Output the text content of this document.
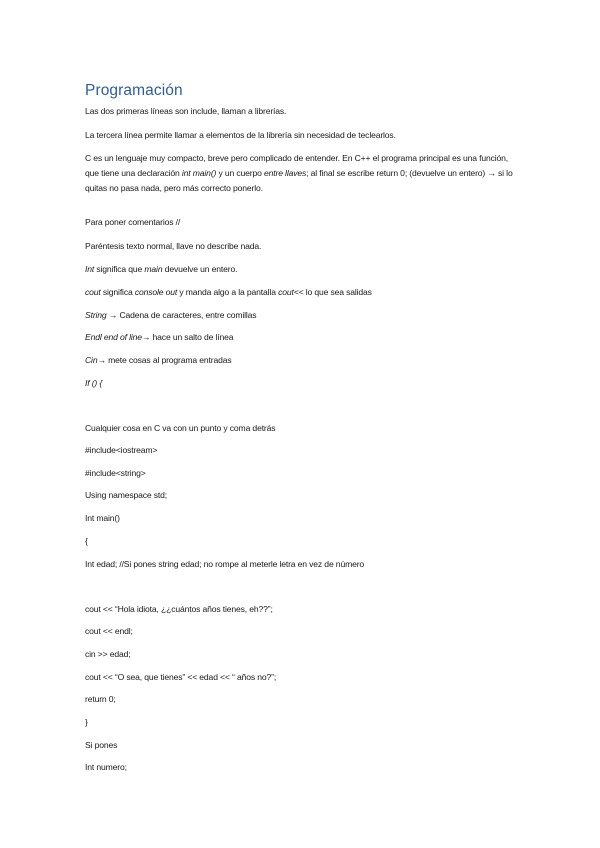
Programación
Las dos primeras líneas son include, llaman a librerías.
La tercera línea permite llamar a elementos de la librería sin necesidad de teclearlos.
C es un lenguaje muy compacto, breve pero complicado de entender. En C++ el programa principal es una función, que tiene una declaración int main() y un cuerpo entre llaves; al final se escribe return 0; (devuelve un entero) → si lo quitas no pasa nada, pero más correcto ponerlo.
Para poner comentarios //
Paréntesis texto normal, llave no describe nada.
Int significa que main devuelve un entero.
cout significa console out y manda algo a la pantalla cout<< lo que sea salidas
String → Cadena de caracteres, entre comillas
Endl end of line→ hace un salto de línea
Cin→ mete cosas al programa entradas
If () {
Cualquier cosa en C va con un punto y coma detrás
#include<iostream>
#include<string>
Using namespace std;
Int main()
{
Int edad; //Si pones string edad; no rompe al meterle letra en vez de número
cout << “Hola idiota, ¿¿cuántos años tienes, eh??”;
cout << endl;
cin >> edad;
cout << “O sea, que tienes” << edad << “ años no?”;
return 0;
}
Si pones
Int numero;
